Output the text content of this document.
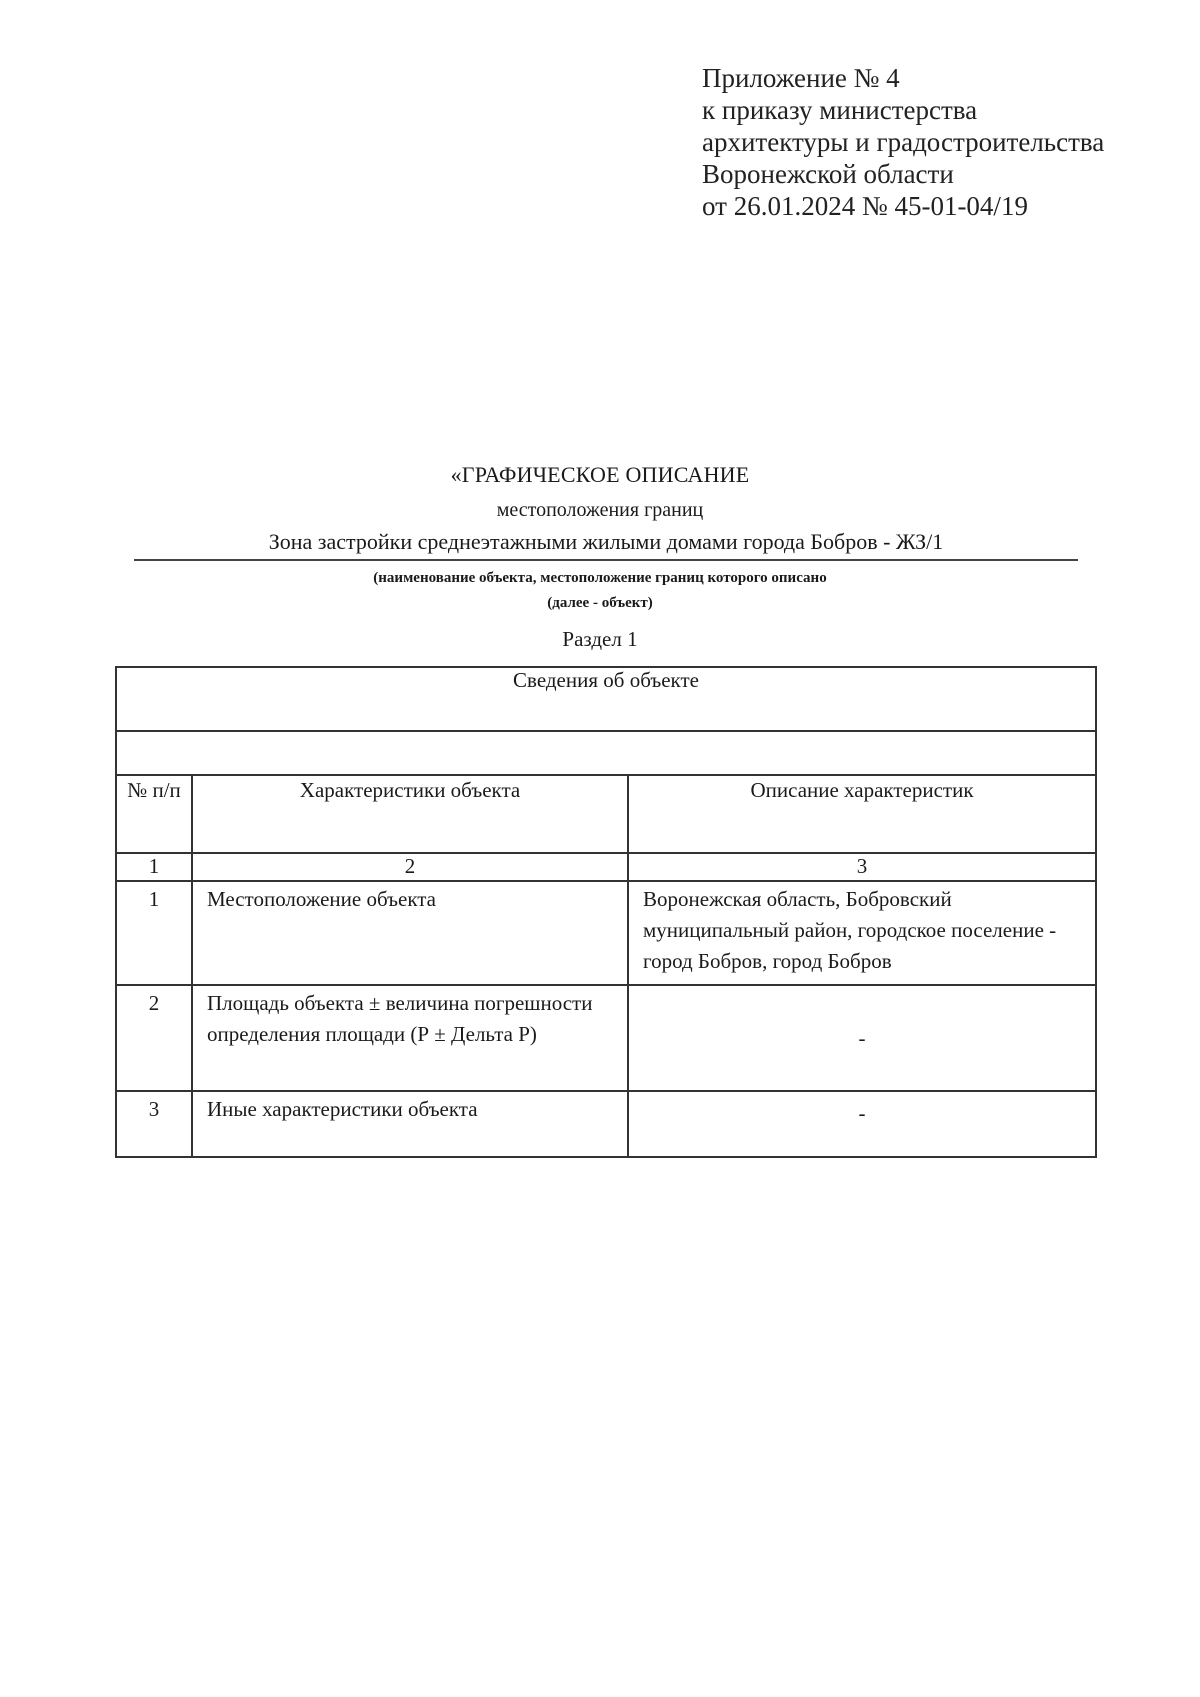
Приложение № 4
к приказу министерства
архитектуры и градостроительства
Воронежской области
от 26.01.2024 № 45-01-04/19
«ГРАФИЧЕСКОЕ ОПИСАНИЕ
местоположения границ
Зона застройки среднеэтажными жилыми домами города Бобров - ЖЗ/1
(наименование объекта, местоположение границ которого описано
(далее - объект)
Раздел 1
Сведения об объекте		

№ п/п	Характеристики объекта	Описание характеристик
1	2	3
1	Местоположение объекта	Воронежская область, Бобровский муниципальный район, городское поселение - город Бобров, город Бобров
2	Площадь объекта ± величина погрешности определения площади (Р ± Дельта Р)	-
3	Иные характеристики объекта	-
